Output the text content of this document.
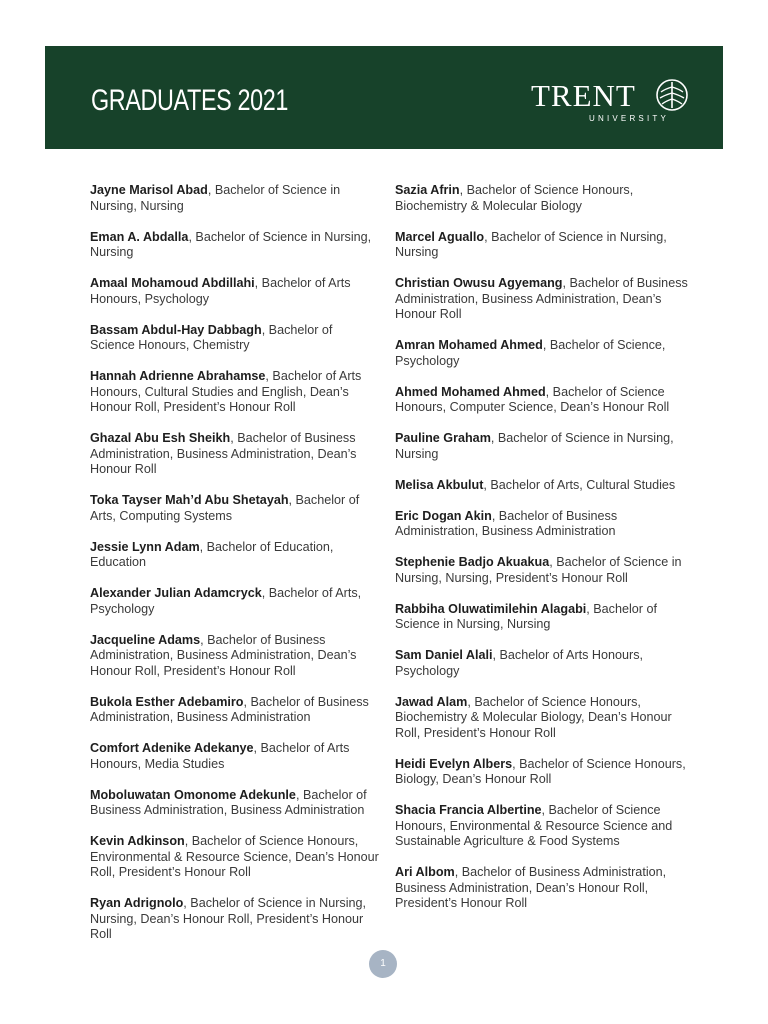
GRADUATES 2021	TRENT
UNIVERSITY

Jayne Marisol Abad, Bachelor of Science in Nursing, Nursing

Eman A. Abdalla, Bachelor of Science in Nursing, Nursing

Amaal Mohamoud Abdillahi, Bachelor of Arts Honours, Psychology

Bassam Abdul-Hay Dabbagh, Bachelor of Science Honours, Chemistry

Hannah Adrienne Abrahamse, Bachelor of Arts Honours, Cultural Studies and English, Dean’s Honour Roll, President’s Honour Roll

Ghazal Abu Esh Sheikh, Bachelor of Business Administration, Business Administration, Dean’s Honour Roll

Toka Tayser Mah’d Abu Shetayah, Bachelor of Arts, Computing Systems

Jessie Lynn Adam, Bachelor of Education, Education

Alexander Julian Adamcryck, Bachelor of Arts, Psychology

Jacqueline Adams, Bachelor of Business Administration, Business Administration, Dean’s Honour Roll, President’s Honour Roll

Bukola Esther Adebamiro, Bachelor of Business Administration, Business Administration

Comfort Adenike Adekanye, Bachelor of Arts Honours, Media Studies

Moboluwatan Omonome Adekunle, Bachelor of Business Administration, Business Administration

Kevin Adkinson, Bachelor of Science Honours, Environmental & Resource Science, Dean’s Honour Roll, President’s Honour Roll

Ryan Adrignolo, Bachelor of Science in Nursing, Nursing, Dean’s Honour Roll, President’s Honour Roll

Sazia Afrin, Bachelor of Science Honours, Biochemistry & Molecular Biology

Marcel Aguallo, Bachelor of Science in Nursing, Nursing

Christian Owusu Agyemang, Bachelor of Business Administration, Business Administration, Dean’s Honour Roll

Amran Mohamed Ahmed, Bachelor of Science, Psychology

Ahmed Mohamed Ahmed, Bachelor of Science Honours, Computer Science, Dean’s Honour Roll

Pauline Graham, Bachelor of Science in Nursing, Nursing

Melisa Akbulut, Bachelor of Arts, Cultural Studies

Eric Dogan Akin, Bachelor of Business Administration, Business Administration

Stephenie Badjo Akuakua, Bachelor of Science in Nursing, Nursing, President’s Honour Roll

Rabbiha Oluwatimilehin Alagabi, Bachelor of Science in Nursing, Nursing

Sam Daniel Alali, Bachelor of Arts Honours, Psychology

Jawad Alam, Bachelor of Science Honours, Biochemistry & Molecular Biology, Dean’s Honour Roll, President’s Honour Roll

Heidi Evelyn Albers, Bachelor of Science Honours, Biology, Dean’s Honour Roll

Shacia Francia Albertine, Bachelor of Science Honours, Environmental & Resource Science and Sustainable Agriculture & Food Systems

Ari Albom, Bachelor of Business Administration, Business Administration, Dean’s Honour Roll, President’s Honour Roll

1
